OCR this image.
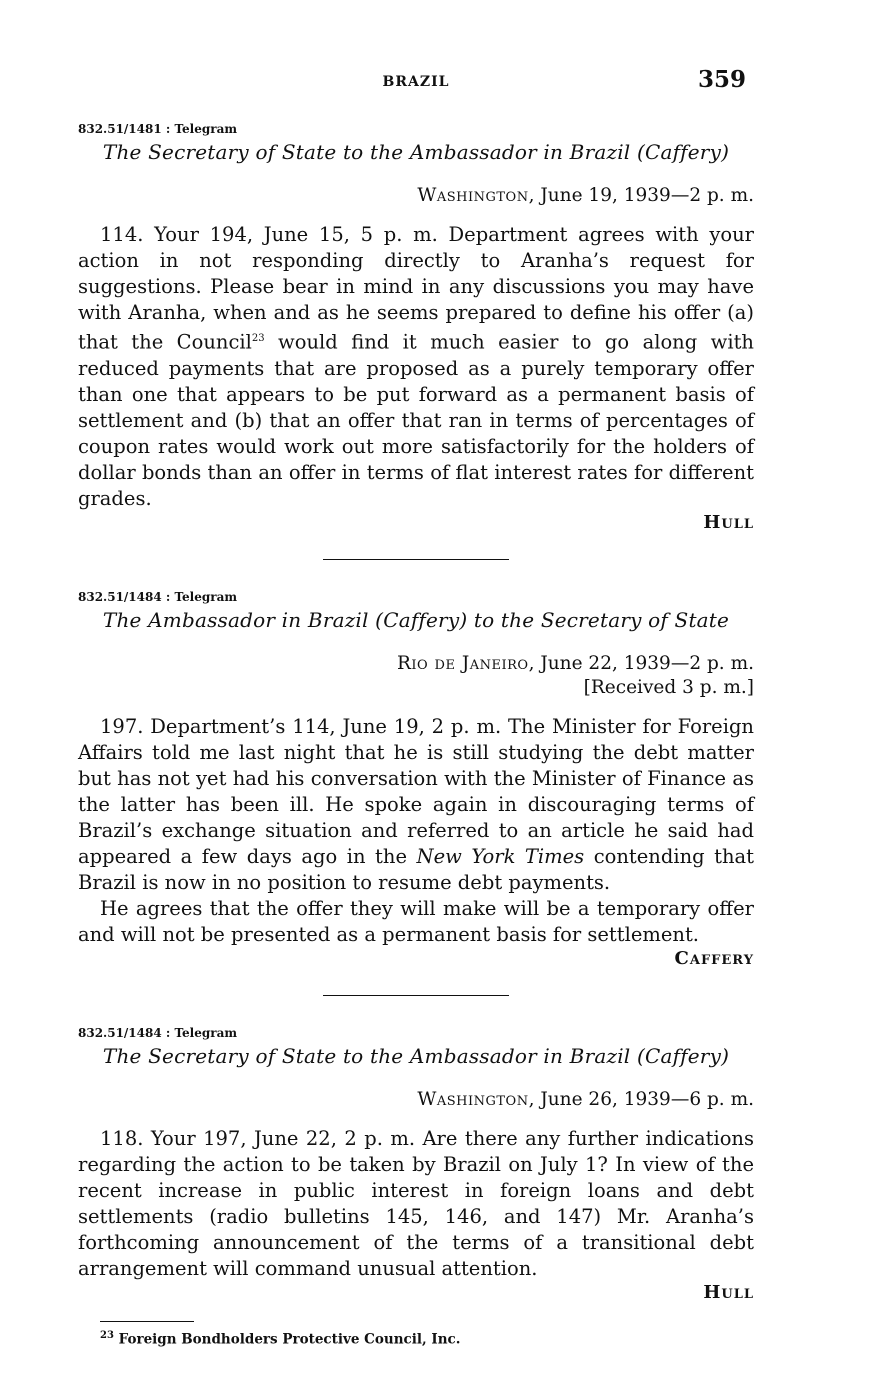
BRAZIL	359
832.51/1481 : Telegram
The Secretary of State to the Ambassador in Brazil (Caffery)
Washington, June 19, 1939—2 p. m.

114. Your 194, June 15, 5 p. m. Department agrees with your action in not responding directly to Aranha’s request for suggestions. Please bear in mind in any discussions you may have with Aranha, when and as he seems prepared to define his offer (a) that the Council$^{23}$ would find it much easier to go along with reduced payments that are proposed as a purely temporary offer than one that appears to be put forward as a permanent basis of settlement and (b) that an offer that ran in terms of percentages of coupon rates would work out more satisfactorily for the holders of dollar bonds than an offer in terms of flat interest rates for different grades.

Hull
832.51/1484 : Telegram
The Ambassador in Brazil (Caffery) to the Secretary of State
Rio de Janeiro, June 22, 1939—2 p. m.
[Received 3 p. m.]

197. Department’s 114, June 19, 2 p. m. The Minister for Foreign Affairs told me last night that he is still studying the debt matter but has not yet had his conversation with the Minister of Finance as the latter has been ill. He spoke again in discouraging terms of Brazil’s exchange situation and referred to an article he said had appeared a few days ago in the New York Times contending that Brazil is now in no position to resume debt payments.

He agrees that the offer they will make will be a temporary offer and will not be presented as a permanent basis for settlement.

Caffery
832.51/1484 : Telegram
The Secretary of State to the Ambassador in Brazil (Caffery)
Washington, June 26, 1939—6 p. m.

118. Your 197, June 22, 2 p. m. Are there any further indications regarding the action to be taken by Brazil on July 1? In view of the recent increase in public interest in foreign loans and debt settlements (radio bulletins 145, 146, and 147) Mr. Aranha’s forthcoming announcement of the terms of a transitional debt arrangement will command unusual attention.

Hull
$^{23}$ Foreign Bondholders Protective Council, Inc.
